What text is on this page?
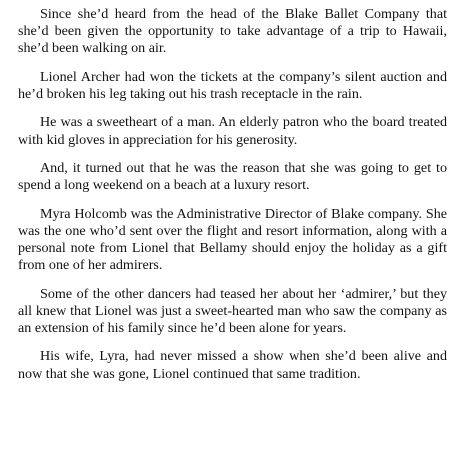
Since she’d heard from the head of the Blake Ballet Company that she’d been given the opportunity to take advantage of a trip to Hawaii, she’d been walking on air.

Lionel Archer had won the tickets at the company’s silent auction and he’d broken his leg taking out his trash receptacle in the rain.

He was a sweetheart of a man. An elderly patron who the board treated with kid gloves in appreciation for his generosity.

And, it turned out that he was the reason that she was going to get to spend a long weekend on a beach at a luxury resort.

Myra Holcomb was the Administrative Director of Blake company. She was the one who’d sent over the flight and resort information, along with a personal note from Lionel that Bellamy should enjoy the holiday as a gift from one of her admirers.

Some of the other dancers had teased her about her ‘admirer,’ but they all knew that Lionel was just a sweet-hearted man who saw the company as an extension of his family since he’d been alone for years.

His wife, Lyra, had never missed a show when she’d been alive and now that she was gone, Lionel continued that same tradition.
